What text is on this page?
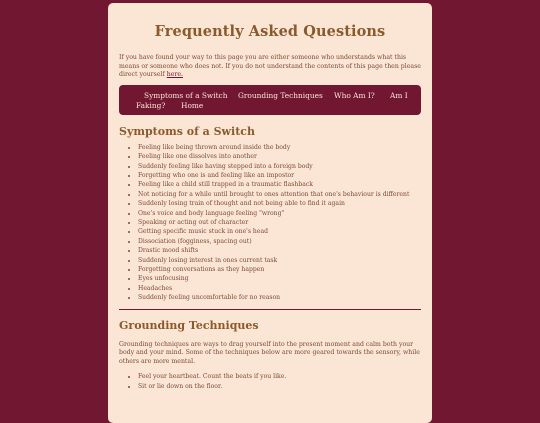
Frequently Asked Questions

If you have found your way to this page you are either someone who understands what this means or someone who does not. If you do not understand the contents of this page then please direct yourself here.

Symptoms of a Switch Grounding Techniques Who Am I? Am I
Faking? Home
Symptoms of a Switch
• Feeling like being thrown around inside the body
• Feeling like one dissolves into another
• Suddenly feeling like having stepped into a foreign body
• Forgetting who one is and feeling like an impostor
• Feeling like a child still trapped in a traumatic flashback
• Not noticing for a while until brought to ones attention that one's behaviour is different
• Suddenly losing train of thought and not being able to find it again
• One's voice and body language feeling "wrong"
• Speaking or acting out of character
• Getting specific music stuck in one's head
• Dissociation (fogginess, spacing out)
• Drastic mood shifts
• Suddenly losing interest in ones current task
• Forgetting conversations as they happen
• Eyes unfocusing
• Headaches
• Suddenly feeling uncomfortable for no reason
Grounding Techniques

Grounding techniques are ways to drag yourself into the present moment and calm both your body and your mind. Some of the techniques below are more geared towards the sensory, while others are more mental.

• Feel your heartbeat. Count the beats if you like.
• Sit or lie down on the floor.
